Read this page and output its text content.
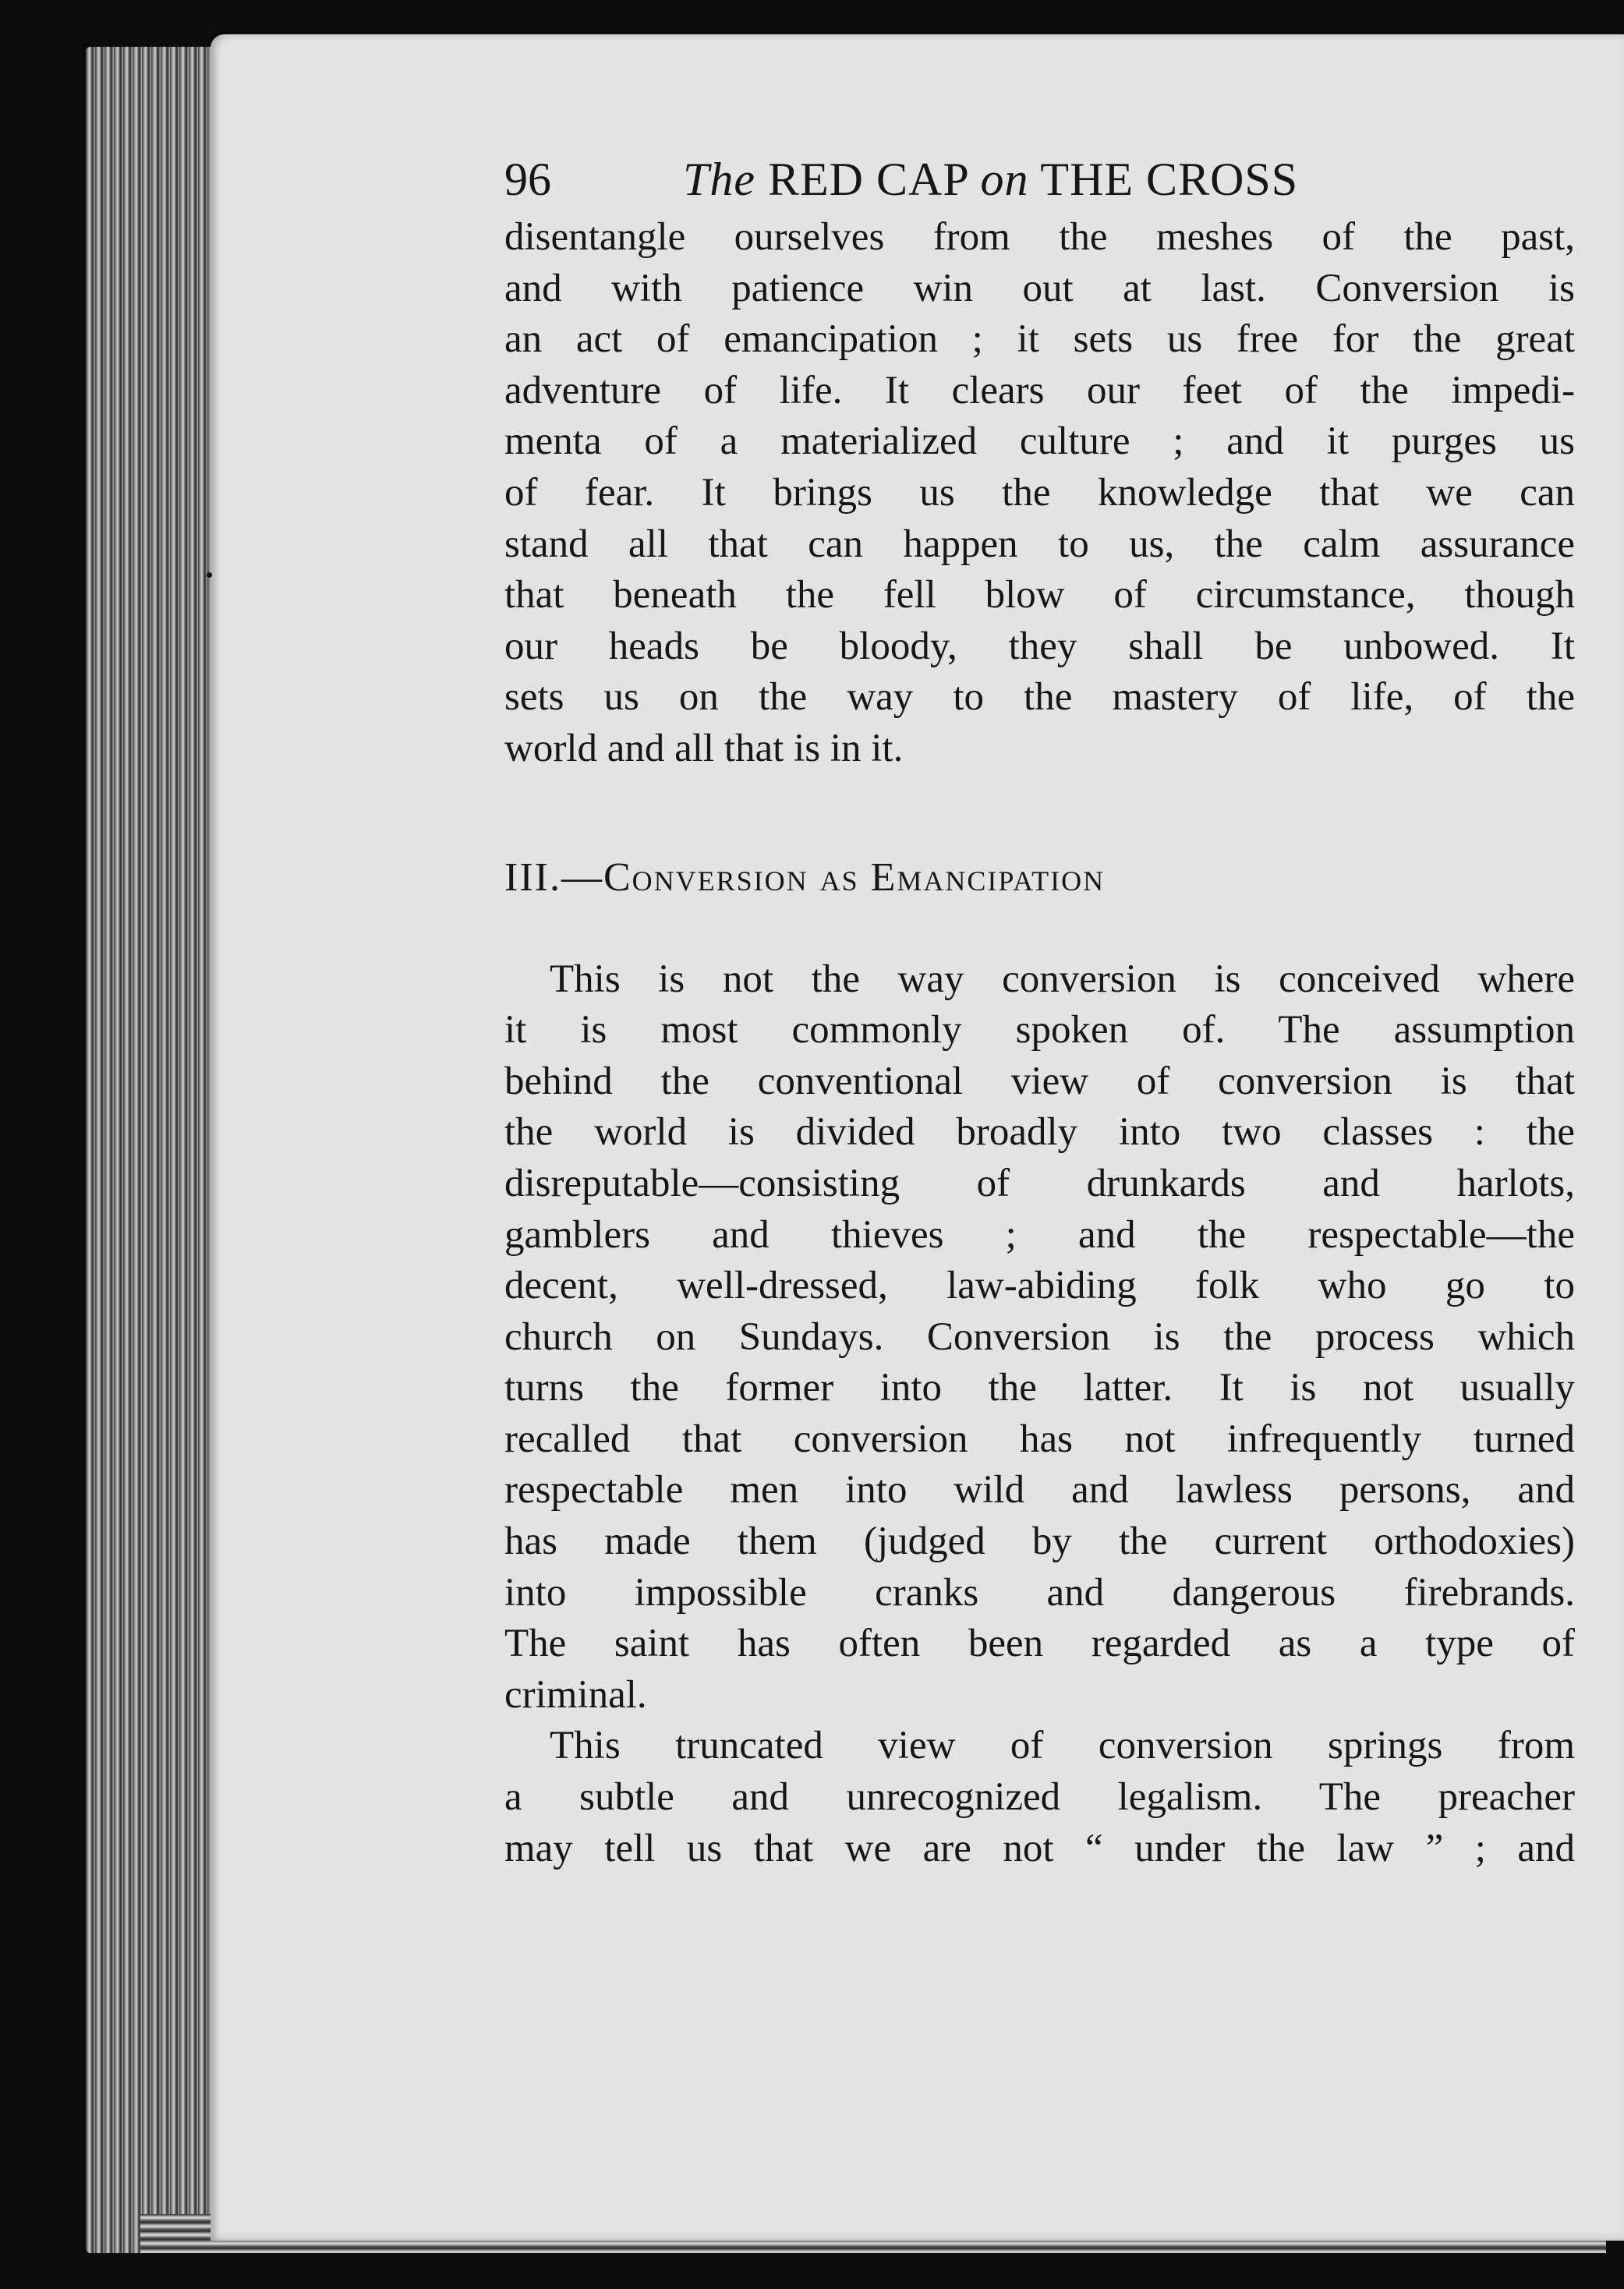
96	The RED CAP on THE CROSS
disentangle ourselves from the meshes of the past,
and with patience win out at last. Conversion is
an act of emancipation ; it sets us free for the great
adventure of life. It clears our feet of the impedi-
menta of a materialized culture ; and it purges us
of fear. It brings us the knowledge that we can
stand all that can happen to us, the calm assurance
that beneath the fell blow of circumstance, though
our heads be bloody, they shall be unbowed. It
sets us on the way to the mastery of life, of the
world and all that is in it.
III.—Conversion as Emancipation
This is not the way conversion is conceived where
it is most commonly spoken of. The assumption
behind the conventional view of conversion is that
the world is divided broadly into two classes : the
disreputable—consisting of drunkards and harlots,
gamblers and thieves ; and the respectable—the
decent, well-dressed, law-abiding folk who go to
church on Sundays. Conversion is the process which
turns the former into the latter. It is not usually
recalled that conversion has not infrequently turned
respectable men into wild and lawless persons, and
has made them (judged by the current orthodoxies)
into impossible cranks and dangerous firebrands.
The saint has often been regarded as a type of
criminal.
This truncated view of conversion springs from
a subtle and unrecognized legalism. The preacher
may tell us that we are not “ under the law ” ; and
